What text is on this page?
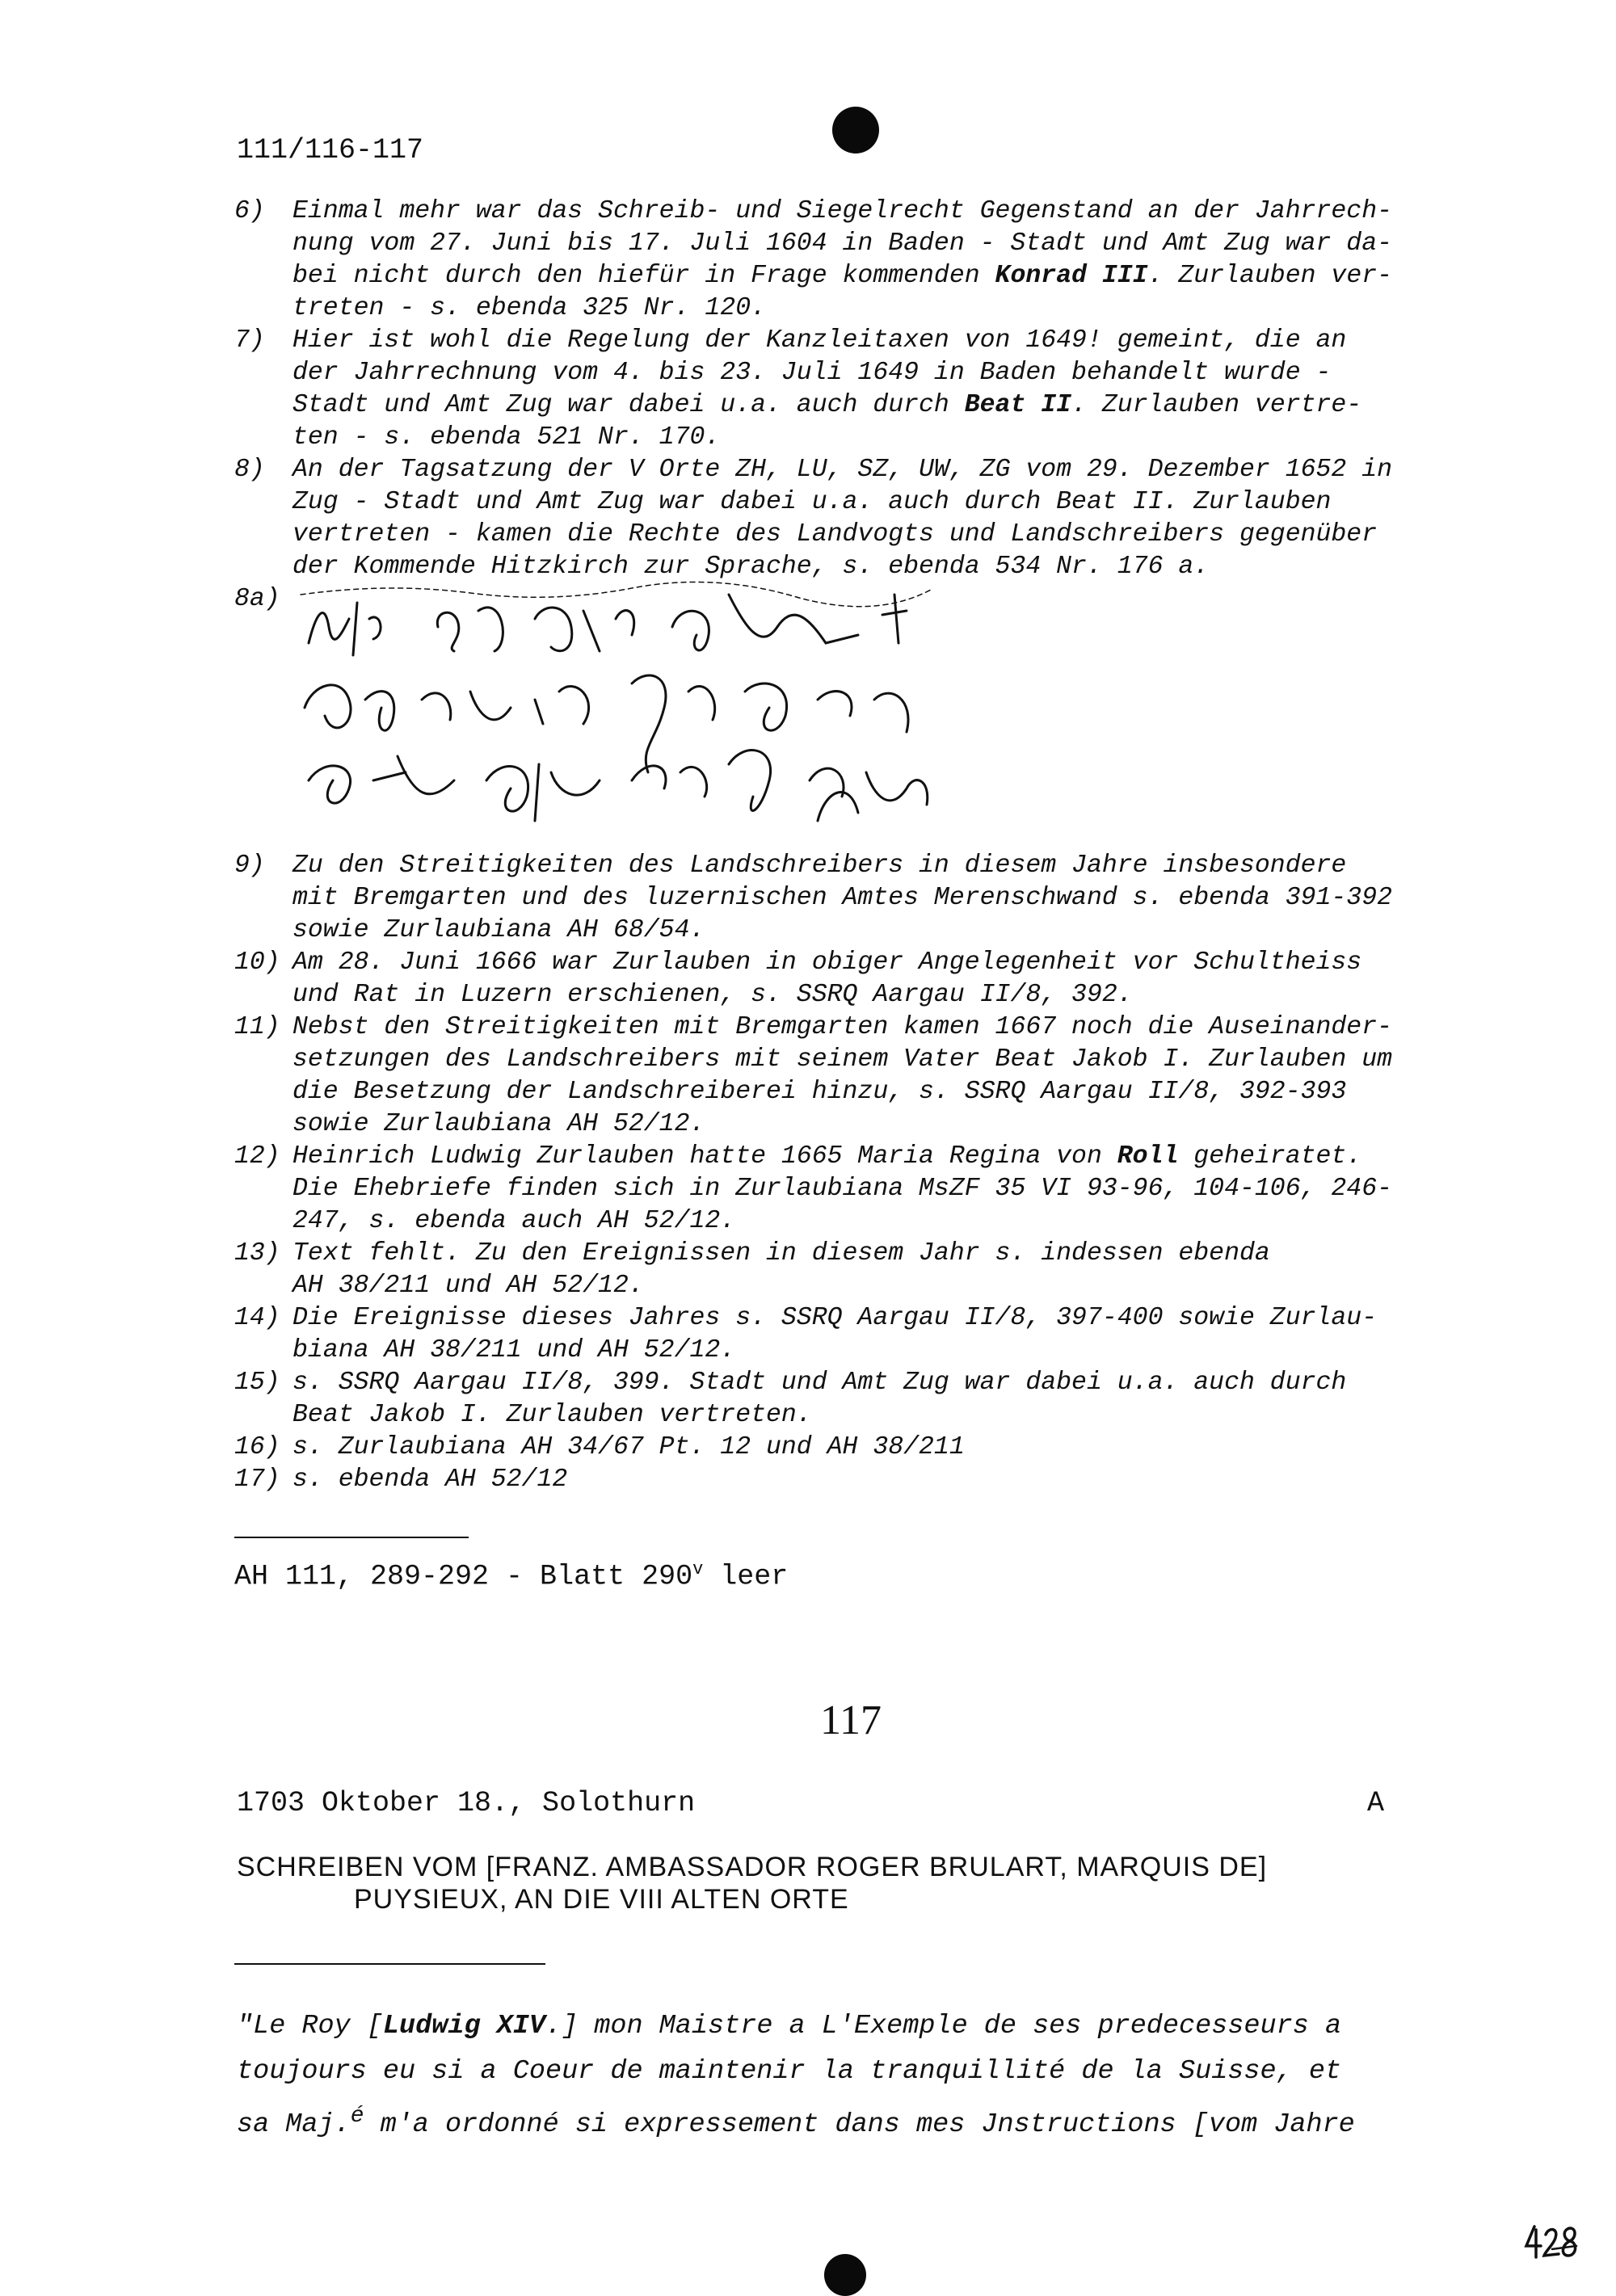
111/116-117
6)	Einmal mehr war das Schreib- und Siegelrecht Gegenstand an der Jahrrech-
nung vom 27. Juni bis 17. Juli 1604 in Baden - Stadt und Amt Zug war da-
bei nicht durch den hiefür in Frage kommenden Konrad III. Zurlauben ver-
treten - s. ebenda 325 Nr. 120.
7)	Hier ist wohl die Regelung der Kanzleitaxen von 1649! gemeint, die an
der Jahrrechnung vom 4. bis 23. Juli 1649 in Baden behandelt wurde -
Stadt und Amt Zug war dabei u.a. auch durch Beat II. Zurlauben vertre-
ten - s. ebenda 521 Nr. 170.
8)	An der Tagsatzung der V Orte ZH, LU, SZ, UW, ZG vom 29. Dezember 1652 in
Zug - Stadt und Amt Zug war dabei u.a. auch durch Beat II. Zurlauben
vertreten - kamen die Rechte des Landvogts und Landschreibers gegenüber
der Kommende Hitzkirch zur Sprache, s. ebenda 534 Nr. 176 a.
8a)
9)	Zu den Streitigkeiten des Landschreibers in diesem Jahre insbesondere
mit Bremgarten und des luzernischen Amtes Merenschwand s. ebenda 391-392
sowie Zurlaubiana AH 68/54.
10) Am 28. Juni 1666 war Zurlauben in obiger Angelegenheit vor Schultheiss
und Rat in Luzern erschienen, s. SSRQ Aargau II/8, 392.
11) Nebst den Streitigkeiten mit Bremgarten kamen 1667 noch die Auseinander-
setzungen des Landschreibers mit seinem Vater Beat Jakob I. Zurlauben um
die Besetzung der Landschreiberei hinzu, s. SSRQ Aargau II/8, 392-393
sowie Zurlaubiana AH 52/12.
12) Heinrich Ludwig Zurlauben hatte 1665 Maria Regina von Roll geheiratet.
Die Ehebriefe finden sich in Zurlaubiana MsZF 35 VI 93-96, 104-106, 246-
247, s. ebenda auch AH 52/12.
13) Text fehlt. Zu den Ereignissen in diesem Jahr s. indessen ebenda
AH 38/211 und AH 52/12.
14) Die Ereignisse dieses Jahres s. SSRQ Aargau II/8, 397-400 sowie Zurlau-
biana AH 38/211 und AH 52/12.
15) s. SSRQ Aargau II/8, 399. Stadt und Amt Zug war dabei u.a. auch durch
Beat Jakob I. Zurlauben vertreten.
16) s. Zurlaubiana AH 34/67 Pt. 12 und AH 38/211
17) s. ebenda AH 52/12
AH 111, 289-292 - Blatt 290$^v$ leer
117
1703 Oktober 18., Solothurn	A
SCHREIBEN VOM [FRANZ. AMBASSADOR ROGER BRULART, MARQUIS DE]
PUYSIEUX, AN DIE VIII ALTEN ORTE
"Le Roy [Ludwig XIV.] mon Maistre a L'Exemple de ses predecesseurs a
toujours eu si a Coeur de maintenir la tranquillité de la Suisse, et
sa Maj.$^é$ m'a ordonné si expressement dans mes Jnstructions [vom Jahre
